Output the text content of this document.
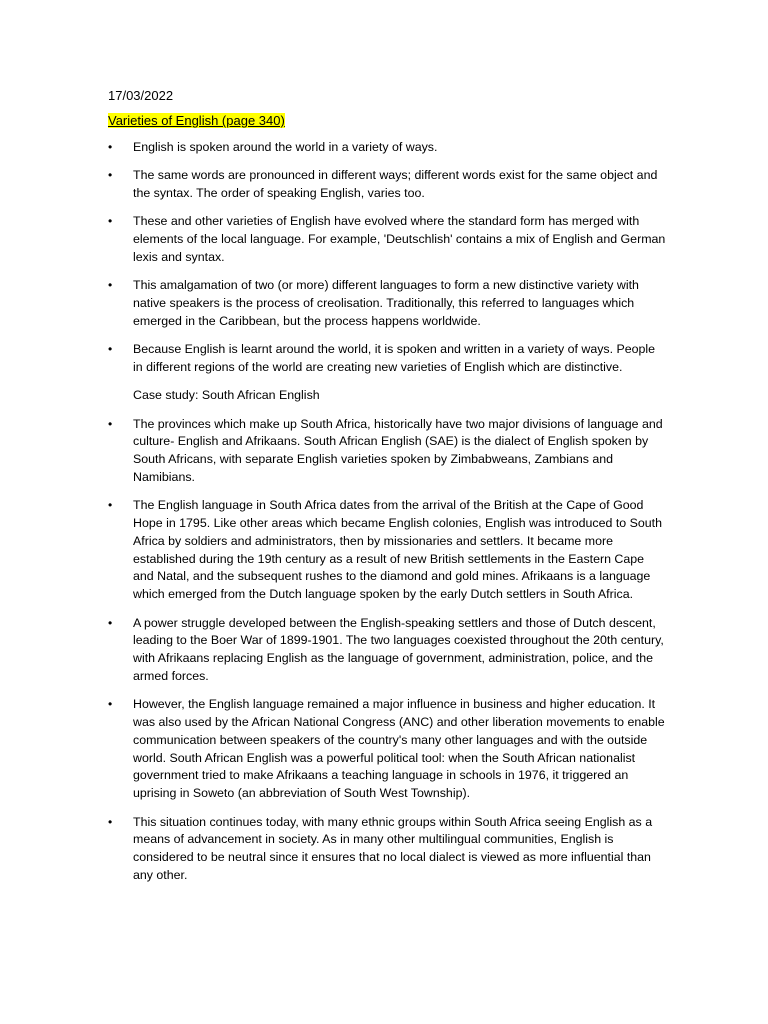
17/03/2022
Varieties of English (page 340)
• English is spoken around the world in a variety of ways.
• The same words are pronounced in different ways; different words exist for the same object and the syntax. The order of speaking English, varies too.
• These and other varieties of English have evolved where the standard form has merged with elements of the local language. For example, 'Deutschlish' contains a mix of English and German lexis and syntax.
• This amalgamation of two (or more) different languages to form a new distinctive variety with native speakers is the process of creolisation. Traditionally, this referred to languages which emerged in the Caribbean, but the process happens worldwide.
• Because English is learnt around the world, it is spoken and written in a variety of ways. People in different regions of the world are creating new varieties of English which are distinctive.
Case study: South African English
• The provinces which make up South Africa, historically have two major divisions of language and culture- English and Afrikaans. South African English (SAE) is the dialect of English spoken by South Africans, with separate English varieties spoken by Zimbabweans, Zambians and Namibians.
• The English language in South Africa dates from the arrival of the British at the Cape of Good Hope in 1795. Like other areas which became English colonies, English was introduced to South Africa by soldiers and administrators, then by missionaries and settlers. It became more established during the 19th century as a result of new British settlements in the Eastern Cape and Natal, and the subsequent rushes to the diamond and gold mines. Afrikaans is a language which emerged from the Dutch language spoken by the early Dutch settlers in South Africa.
• A power struggle developed between the English-speaking settlers and those of Dutch descent, leading to the Boer War of 1899-1901. The two languages coexisted throughout the 20th century, with Afrikaans replacing English as the language of government, administration, police, and the armed forces.
• However, the English language remained a major influence in business and higher education. It was also used by the African National Congress (ANC) and other liberation movements to enable communication between speakers of the country's many other languages and with the outside world. South African English was a powerful political tool: when the South African nationalist government tried to make Afrikaans a teaching language in schools in 1976, it triggered an uprising in Soweto (an abbreviation of South West Township).
• This situation continues today, with many ethnic groups within South Africa seeing English as a means of advancement in society. As in many other multilingual communities, English is considered to be neutral since it ensures that no local dialect is viewed as more influential than any other.
